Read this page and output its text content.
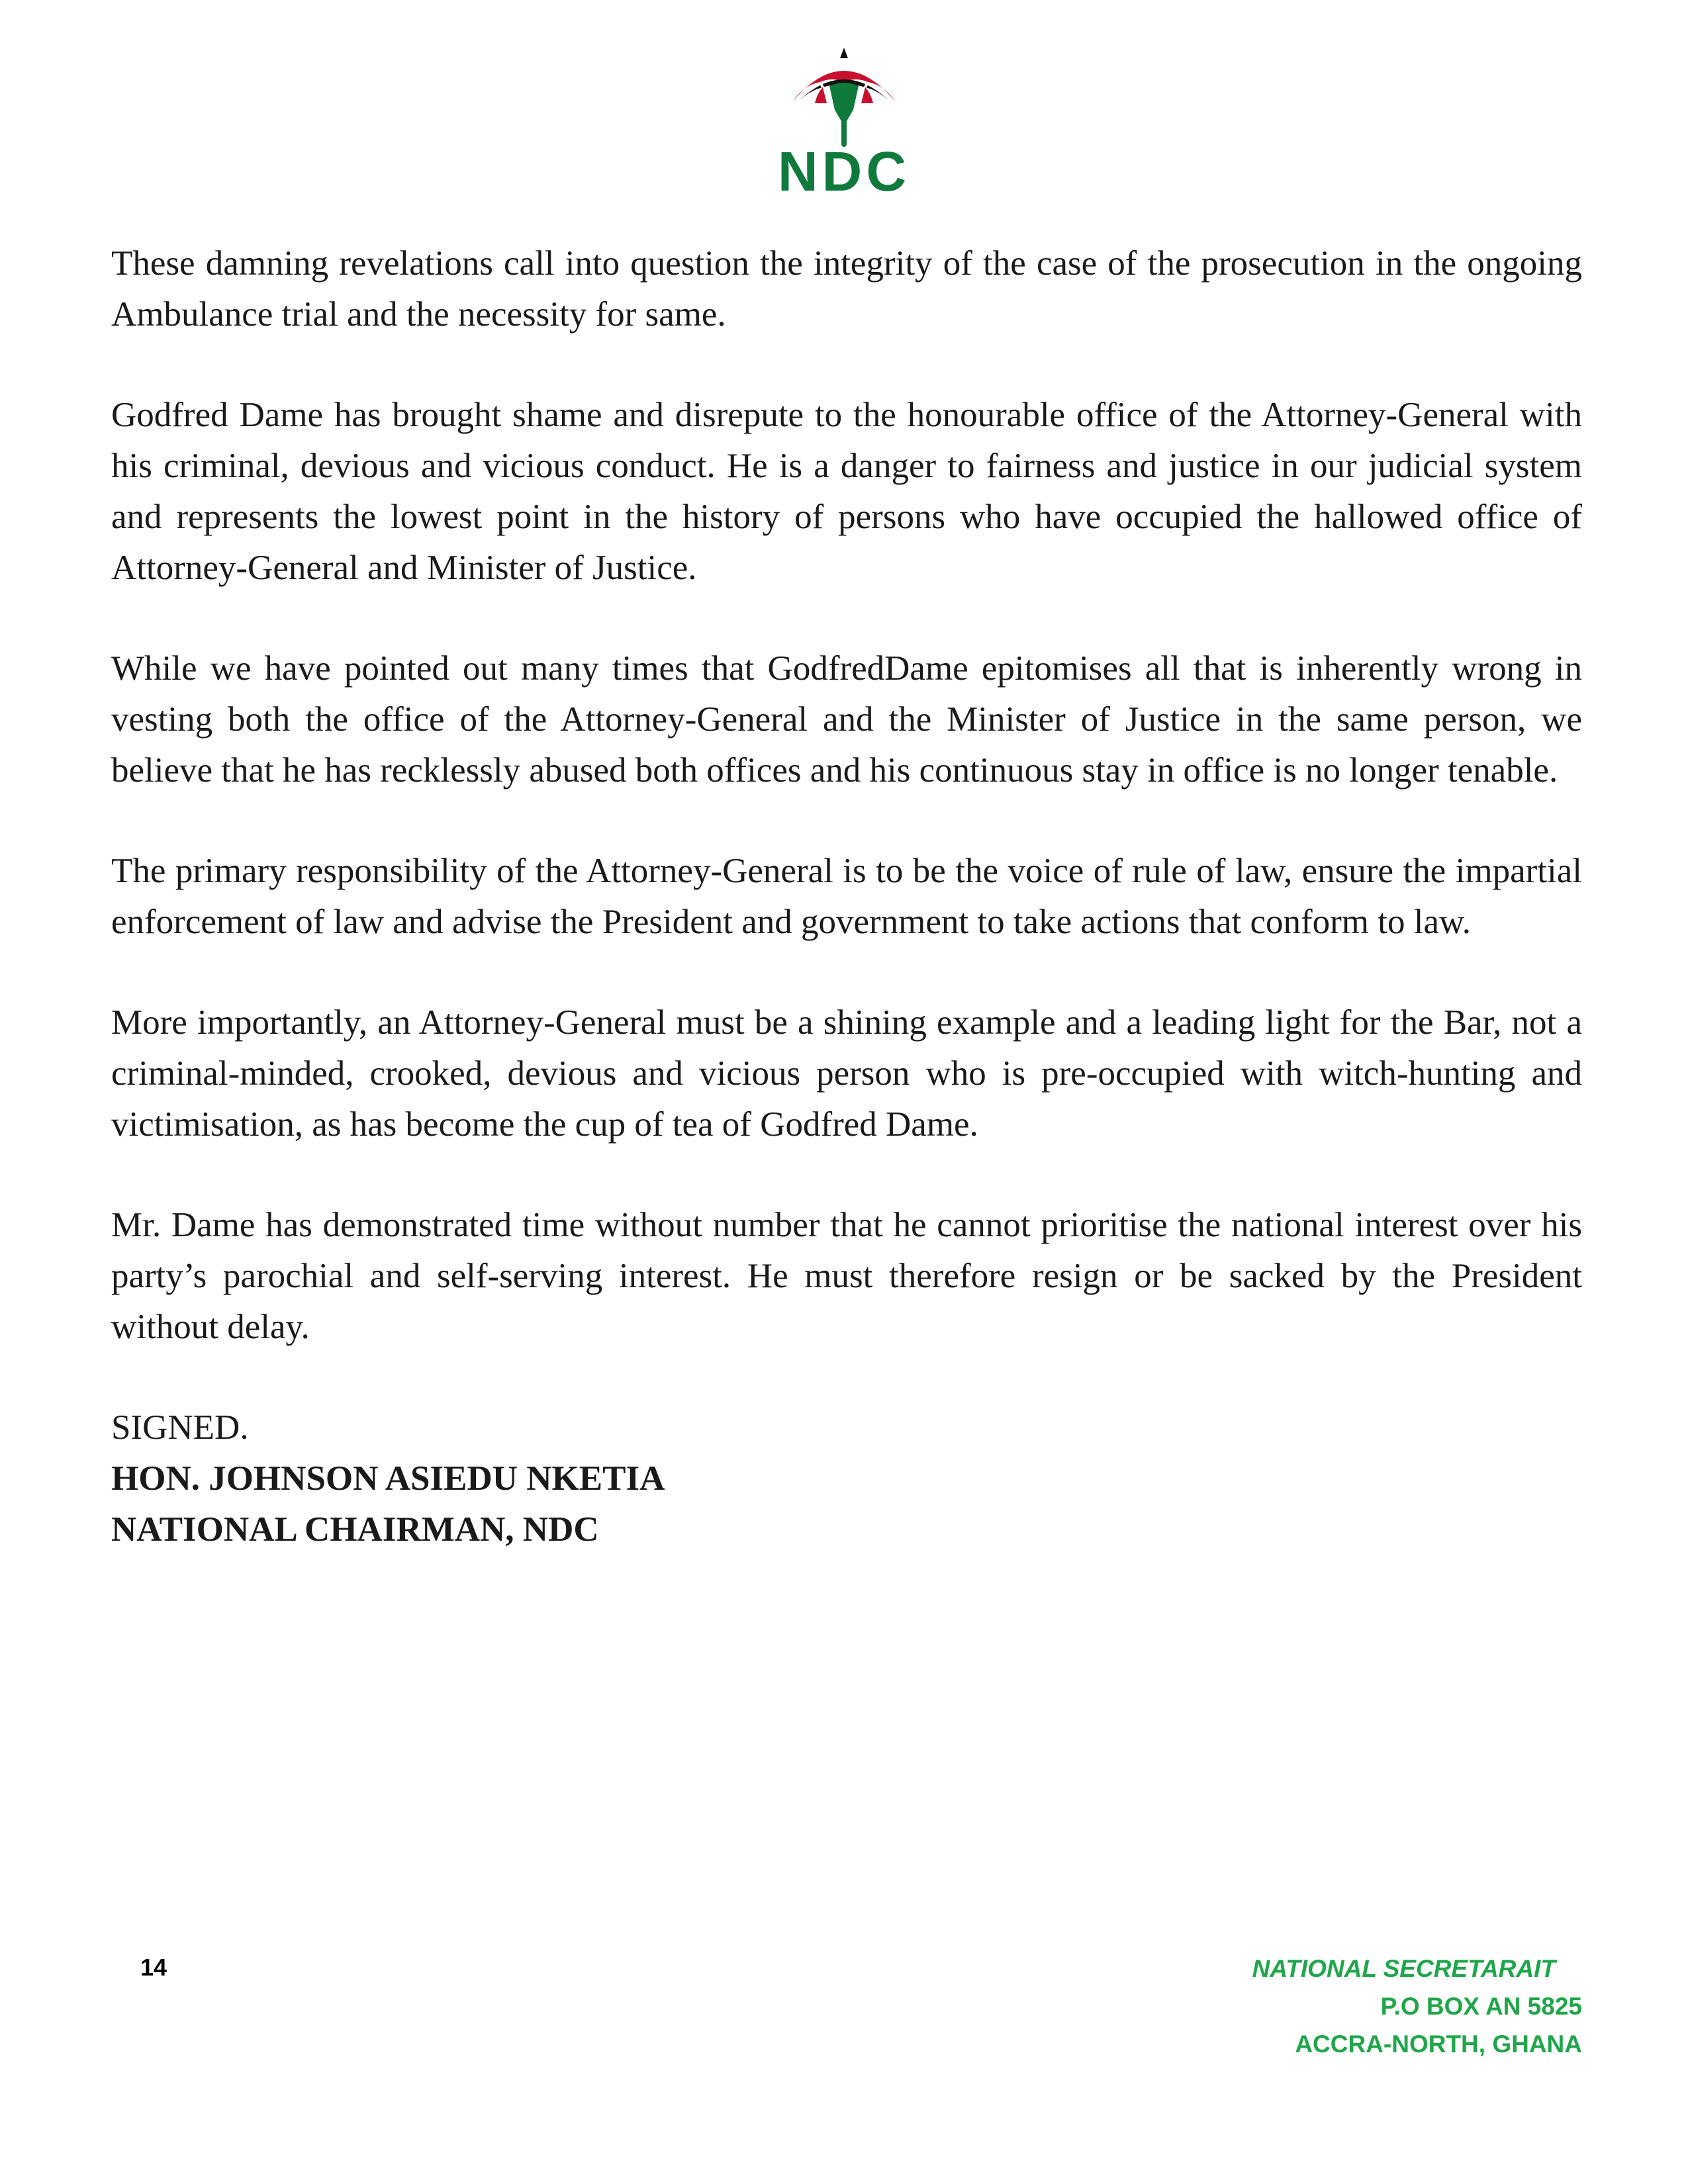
NDC

These damning revelations call into question the integrity of the case of the prosecution in the ongoing Ambulance trial and the necessity for same.

Godfred Dame has brought shame and disrepute to the honourable office of the Attorney-General with his criminal, devious and vicious conduct. He is a danger to fairness and justice in our judicial system and represents the lowest point in the history of persons who have occupied the hallowed office of Attorney-General and Minister of Justice.

While we have pointed out many times that GodfredDame epitomises all that is inherently wrong in vesting both the office of the Attorney-General and the Minister of Justice in the same person, we believe that he has recklessly abused both offices and his continuous stay in office is no longer tenable.

The primary responsibility of the Attorney-General is to be the voice of rule of law, ensure the impartial enforcement of law and advise the President and government to take actions that conform to law.

More importantly, an Attorney-General must be a shining example and a leading light for the Bar, not a criminal-minded, crooked, devious and vicious person who is pre-occupied with witch-hunting and victimisation, as has become the cup of tea of Godfred Dame.

Mr. Dame has demonstrated time without number that he cannot prioritise the national interest over his party’s parochial and self-serving interest. He must therefore resign or be sacked by the President without delay.

SIGNED.

HON. JOHNSON ASIEDU NKETIA

NATIONAL CHAIRMAN, NDC

14	NATIONAL SECRETARAIT
P.O BOX AN 5825
ACCRA-NORTH, GHANA
